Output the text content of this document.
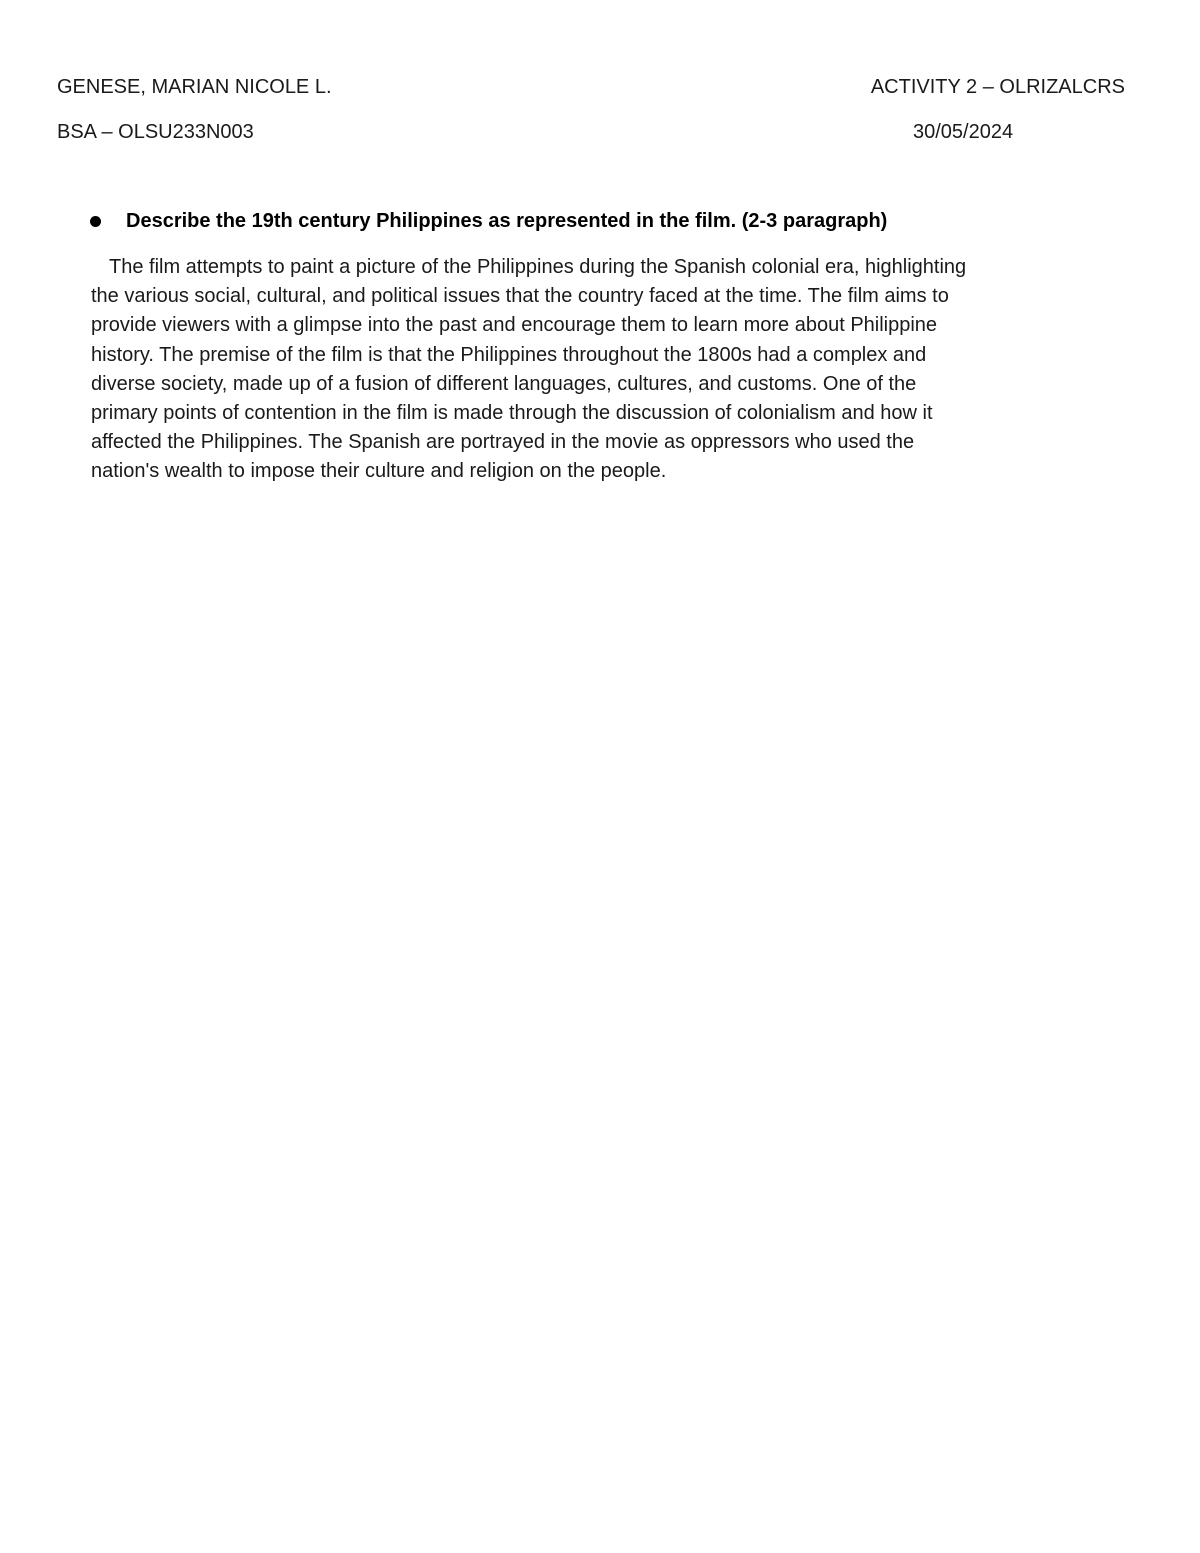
GENESE, MARIAN NICOLE L.	ACTIVITY 2 – OLRIZALCRS
BSA – OLSU233N003	30/05/2024
Describe the 19th century Philippines as represented in the film. (2-3 paragraph)
The film attempts to paint a picture of the Philippines during the Spanish colonial era, highlighting
the various social, cultural, and political issues that the country faced at the time. The film aims to
provide viewers with a glimpse into the past and encourage them to learn more about Philippine
history. The premise of the film is that the Philippines throughout the 1800s had a complex and
diverse society, made up of a fusion of different languages, cultures, and customs. One of the
primary points of contention in the film is made through the discussion of colonialism and how it
affected the Philippines. The Spanish are portrayed in the movie as oppressors who used the
nation's wealth to impose their culture and religion on the people.
